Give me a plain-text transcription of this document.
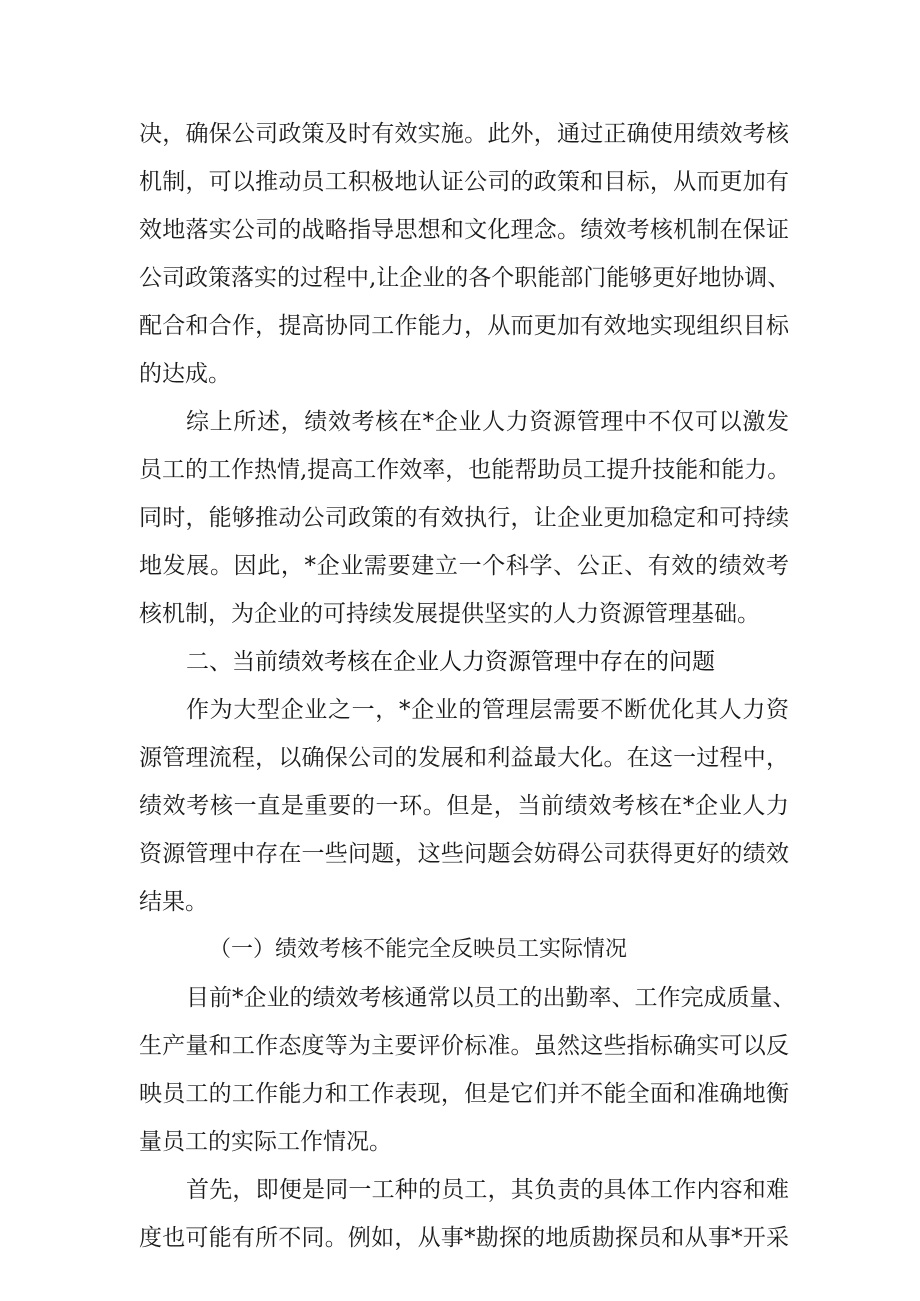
决，确保公司政策及时有效实施。此外，通过正确使用绩效考核
机制，可以推动员工积极地认证公司的政策和目标，从而更加有
效地落实公司的战略指导思想和文化理念。绩效考核机制在保证
公司政策落实的过程中,让企业的各个职能部门能够更好地协调、
配合和合作，提高协同工作能力，从而更加有效地实现组织目标
的达成。
综上所述，绩效考核在*企业人力资源管理中不仅可以激发
员工的工作热情,提高工作效率，也能帮助员工提升技能和能力。
同时，能够推动公司政策的有效执行，让企业更加稳定和可持续
地发展。因此，*企业需要建立一个科学、公正、有效的绩效考
核机制，为企业的可持续发展提供坚实的人力资源管理基础。
二、当前绩效考核在企业人力资源管理中存在的问题
作为大型企业之一，*企业的管理层需要不断优化其人力资
源管理流程，以确保公司的发展和利益最大化。在这一过程中，
绩效考核一直是重要的一环。但是，当前绩效考核在*企业人力
资源管理中存在一些问题，这些问题会妨碍公司获得更好的绩效
结果。
（一）绩效考核不能完全反映员工实际情况
目前*企业的绩效考核通常以员工的出勤率、工作完成质量、
生产量和工作态度等为主要评价标准。虽然这些指标确实可以反
映员工的工作能力和工作表现，但是它们并不能全面和准确地衡
量员工的实际工作情况。
首先，即便是同一工种的员工，其负责的具体工作内容和难
度也可能有所不同。例如，从事*勘探的地质勘探员和从事*开采
